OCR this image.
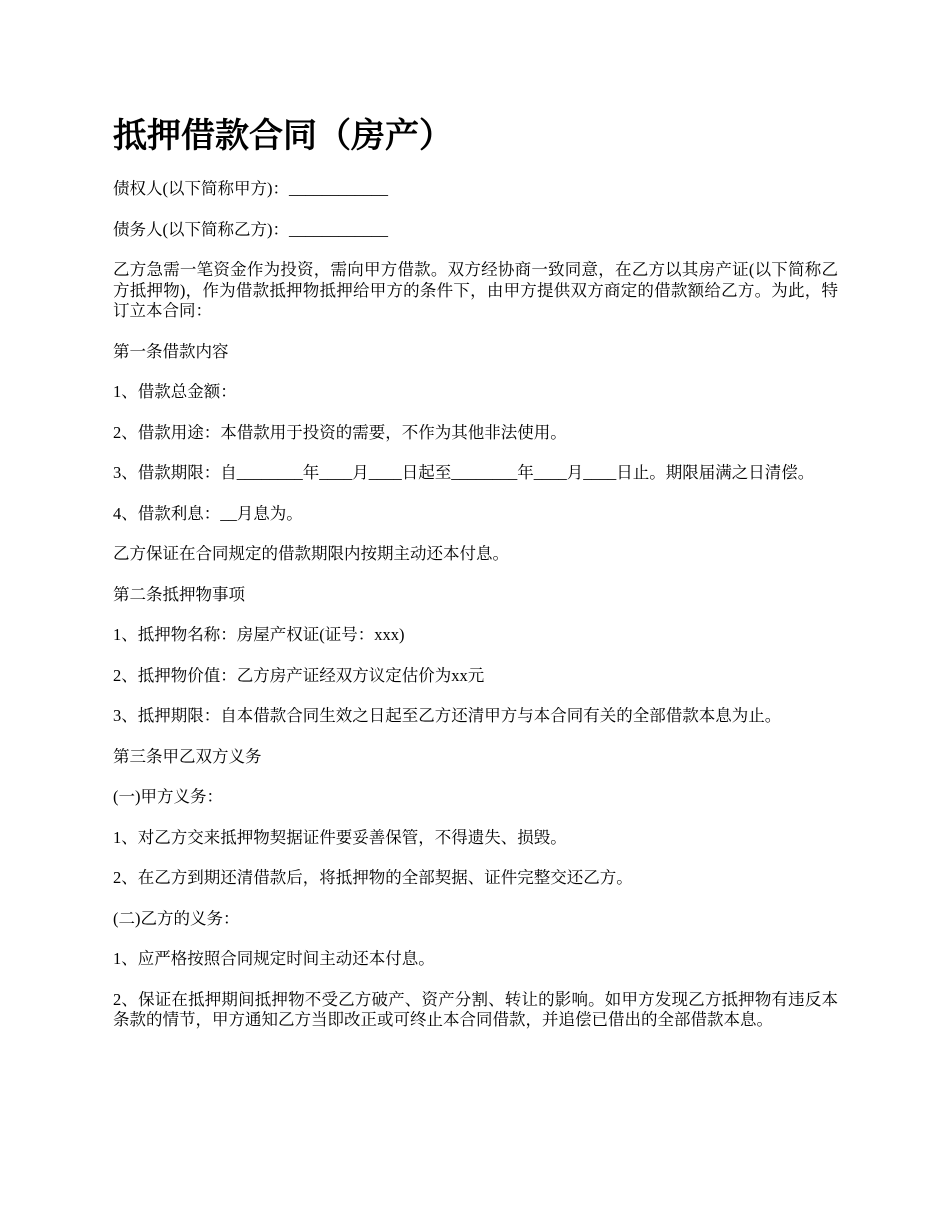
抵押借款合同（房产）

债权人(以下简称甲方)：____________

债务人(以下简称乙方)：____________

乙方急需一笔资金作为投资，需向甲方借款。双方经协商一致同意，在乙方以其房产证(以下简称乙方抵押物)，作为借款抵押物抵押给甲方的条件下，由甲方提供双方商定的借款额给乙方。为此，特订立本合同：

第一条借款内容

1、借款总金额：

2、借款用途：本借款用于投资的需要，不作为其他非法使用。

3、借款期限：自________年____月____日起至________年____月____日止。期限届满之日清偿。

4、借款利息：__月息为。

乙方保证在合同规定的借款期限内按期主动还本付息。

第二条抵押物事项

1、抵押物名称：房屋产权证(证号：xxx)

2、抵押物价值：乙方房产证经双方议定估价为xx元

3、抵押期限：自本借款合同生效之日起至乙方还清甲方与本合同有关的全部借款本息为止。

第三条甲乙双方义务

(一)甲方义务：

1、对乙方交来抵押物契据证件要妥善保管，不得遗失、损毁。

2、在乙方到期还清借款后，将抵押物的全部契据、证件完整交还乙方。

(二)乙方的义务：

1、应严格按照合同规定时间主动还本付息。

2、保证在抵押期间抵押物不受乙方破产、资产分割、转让的影响。如甲方发现乙方抵押物有违反本条款的情节，甲方通知乙方当即改正或可终止本合同借款，并追偿已借出的全部借款本息。
